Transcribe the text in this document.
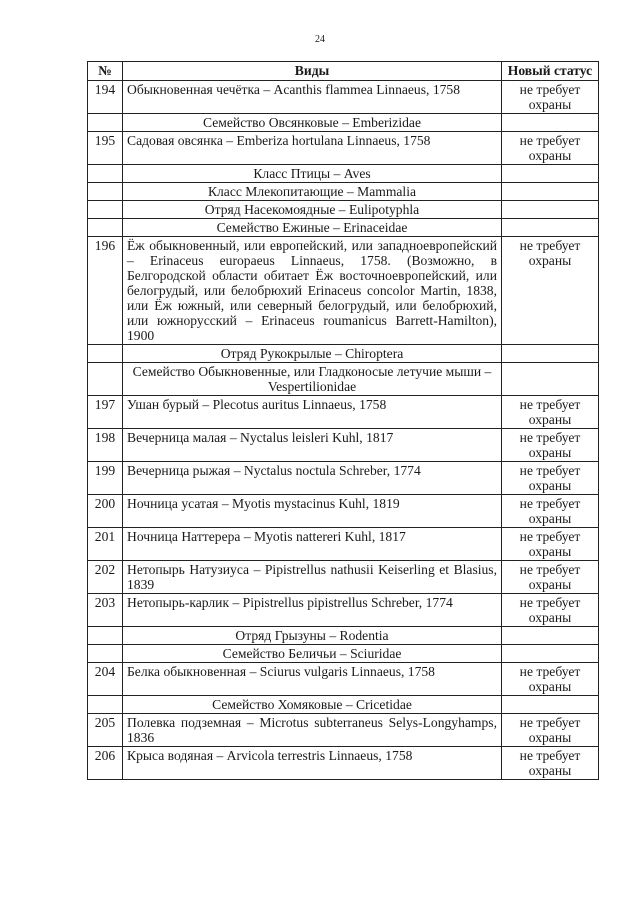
24
№	Виды	Новый статус
194	Обыкновенная чечётка – Acanthis flammea Linnaeus, 1758	не требует охраны
	Семейство Овсянковые – Emberizidae	
195	Садовая овсянка – Emberiza hortulana Linnaeus, 1758	не требует охраны
	Класс Птицы – Aves	
	Класс Млекопитающие – Mammalia	
	Отряд Насекомоядные – Eulipotyphla	
	Семейство Ежиные – Erinaceidae	
196	Ёж обыкновенный, или европейский, или западноевропейский – Erinaceus europaeus Linnaeus, 1758. (Возможно, в Белгородской области обитает Ёж восточноевропейский, или белогрудый, или белобрюхий Erinaceus concolor Martin, 1838, или Ёж южный, или северный белогрудый, или белобрюхий, или южнорусский – Erinaceus roumanicus Barrett-Hamilton), 1900	не требует охраны
	Отряд Рукокрылые – Chiroptera	
	Семейство Обыкновенные, или Гладконосые летучие мыши – Vespertilionidae	
197	Ушан бурый – Plecotus auritus Linnaeus, 1758	не требует охраны
198	Вечерница малая – Nyctalus leisleri Kuhl, 1817	не требует охраны
199	Вечерница рыжая – Nyctalus noctula Schreber, 1774	не требует охраны
200	Ночница усатая – Myotis mystacinus Kuhl, 1819	не требует охраны
201	Ночница Наттерера – Myotis nattereri Kuhl, 1817	не требует охраны
202	Нетопырь Натузиуса – Pipistrellus nathusii Keiserling et Blasius, 1839	не требует охраны
203	Нетопырь-карлик – Pipistrellus pipistrellus Schreber, 1774	не требует охраны
	Отряд Грызуны – Rodentia	
	Семейство Беличьи – Sciuridae	
204	Белка обыкновенная – Sciurus vulgaris Linnaeus, 1758	не требует охраны
	Семейство Хомяковые – Cricetidae	
205	Полевка подземная – Microtus subterraneus Selys-Longyhamps, 1836	не требует охраны
206	Крыса водяная – Arvicola terrestris Linnaeus, 1758	не требует охраны
